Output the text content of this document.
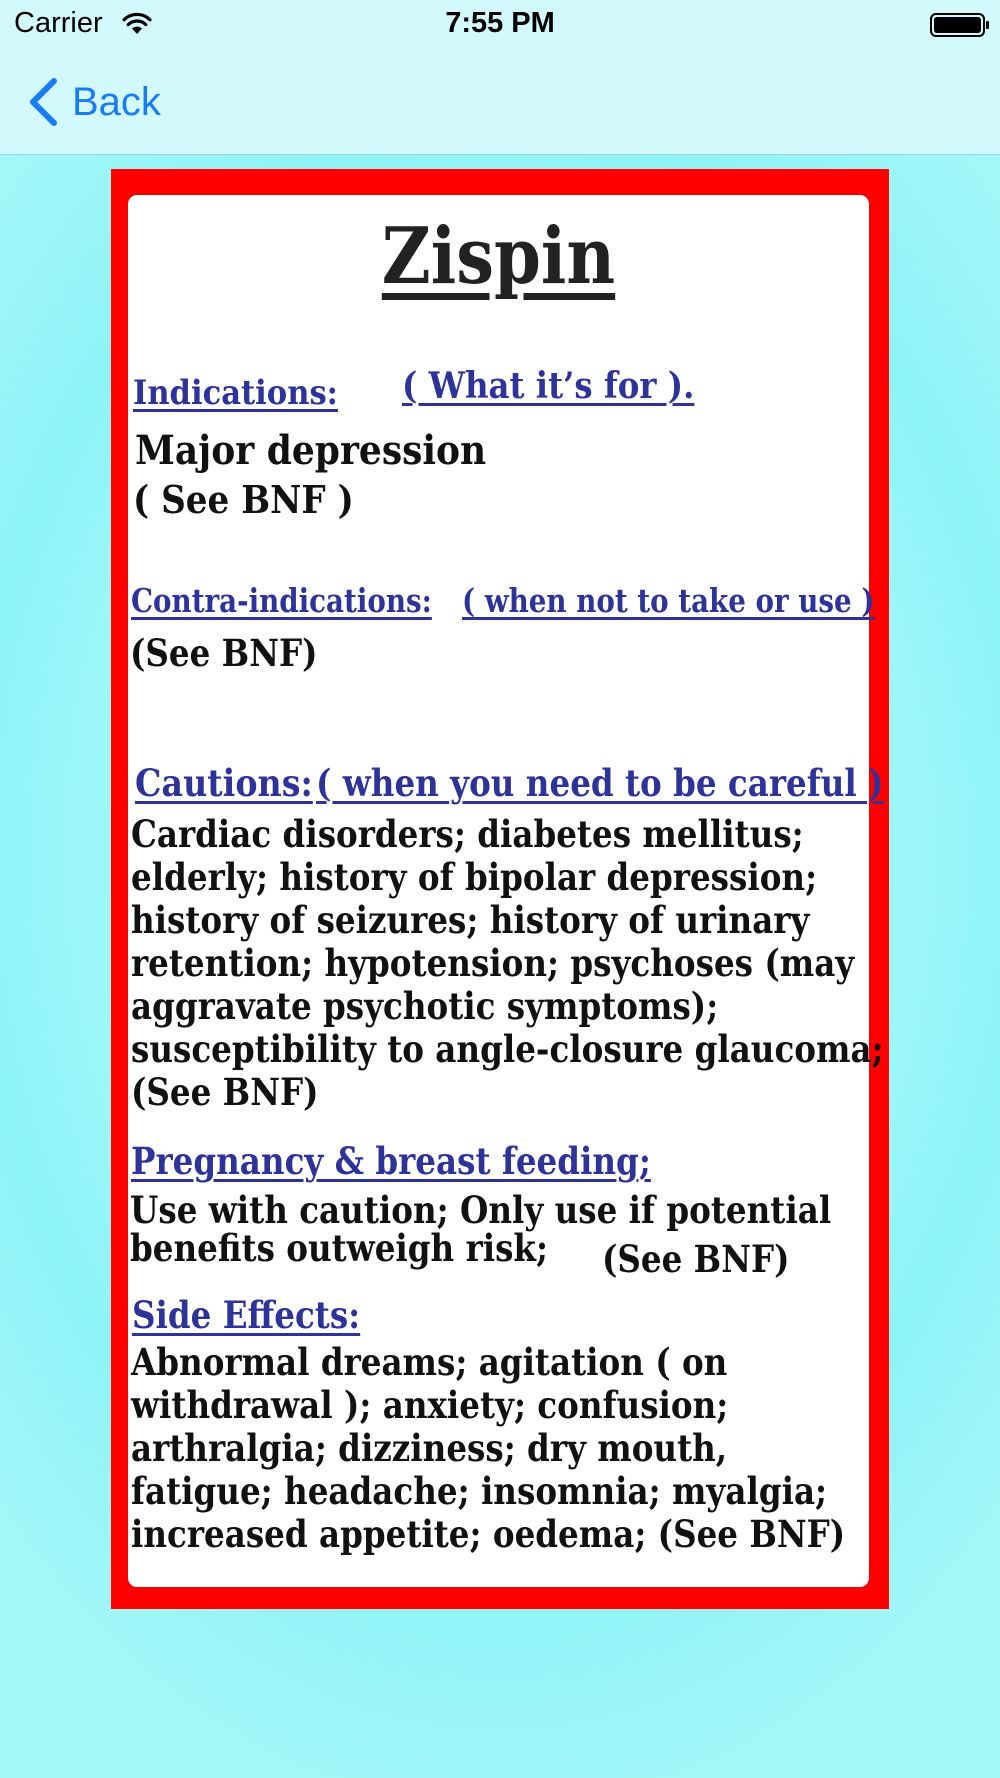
Carrier	7:55 PM
Back
Zispin
Indications: ( What it’s for ).
Major depression
( See BNF )
Contra-indications: ( when not to take or use )
(See BNF)
Cautions: ( when you need to be careful )
Cardiac disorders; diabetes mellitus;
elderly; history of bipolar depression;
history of seizures; history of urinary
retention; hypotension; psychoses (may
aggravate psychotic symptoms);
susceptibility to angle-closure glaucoma;
(See BNF)
Pregnancy & breast feeding;
Use with caution; Only use if potential
benefits outweigh risk;	(See BNF)
Side Effects:
Abnormal dreams; agitation ( on
withdrawal ); anxiety; confusion;
arthralgia; dizziness; dry mouth,
fatigue; headache; insomnia; myalgia;
increased appetite; oedema; (See BNF)
